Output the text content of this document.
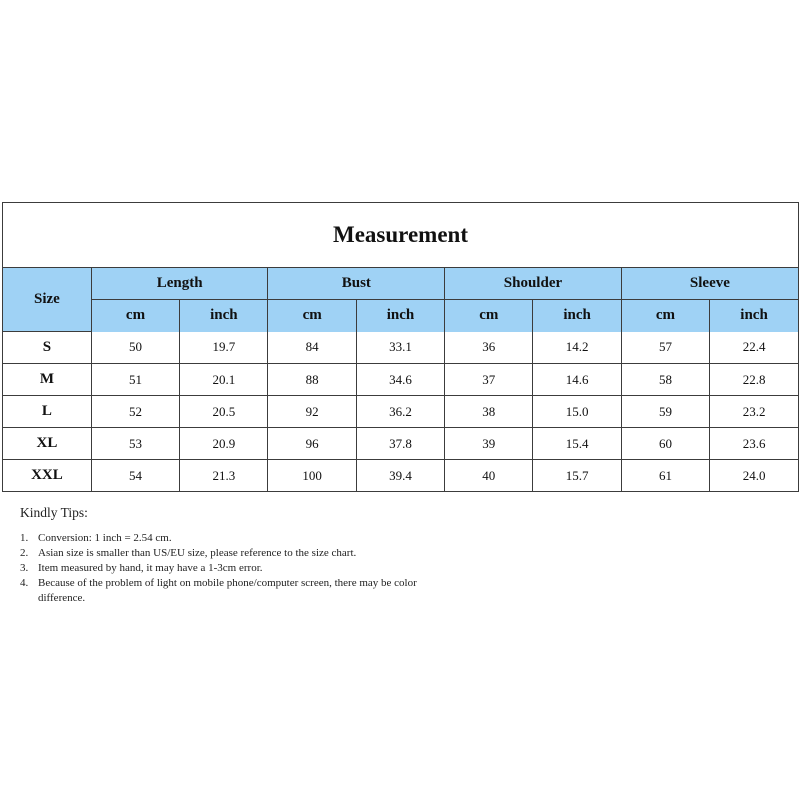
Measurement
Size	Length		Bust		Shoulder		Sleeve	
	cm	inch	cm	inch	cm	inch	cm	inch
S	50	19.7	84	33.1	36	14.2	57	22.4
M	51	20.1	88	34.6	37	14.6	58	22.8
L	52	20.5	92	36.2	38	15.0	59	23.2
XL	53	20.9	96	37.8	39	15.4	60	23.6
XXL	54	21.3	100	39.4	40	15.7	61	24.0
Kindly Tips:
1. Conversion: 1 inch = 2.54 cm.
2. Asian size is smaller than US/EU size, please reference to the size chart.
3. Item measured by hand, it may have a 1-3cm error.
4. Because of the problem of light on mobile phone/computer screen, there may be color difference.
